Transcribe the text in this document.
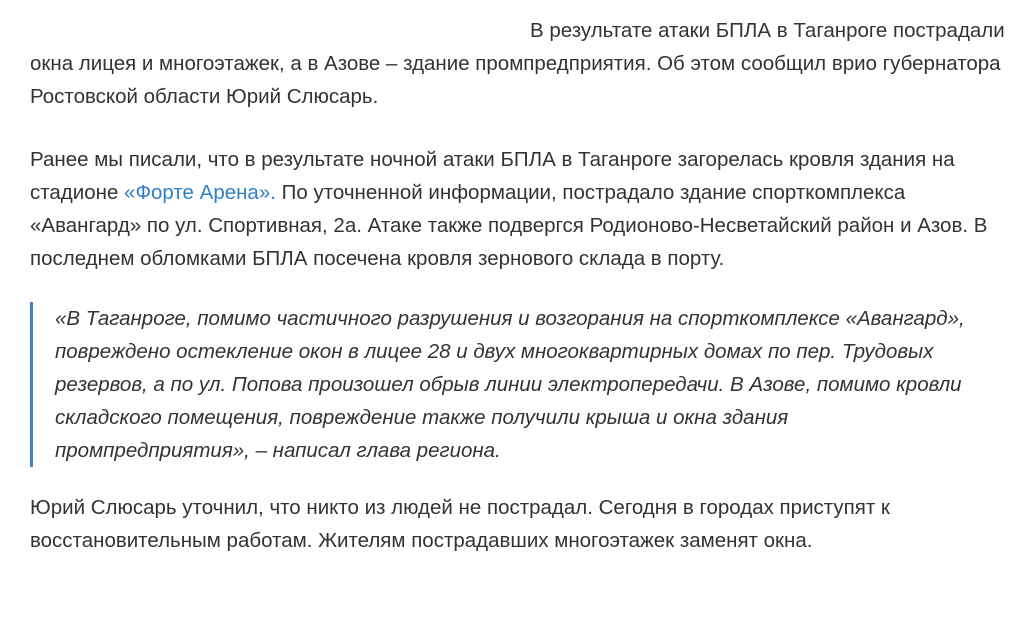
В результате атаки БПЛА в Таганроге пострадали окна лицея и многоэтажек, а в Азове – здание промпредприятия. Об этом сообщил врио губернатора Ростовской области Юрий Слюсарь.

Ранее мы писали, что в результате ночной атаки БПЛА в Таганроге загорелась кровля здания на стадионе «Форте Арена». По уточненной информации, пострадало здание спорткомплекса «Авангард» по ул. Спортивная, 2а. Атаке также подвергся Родионово-Несветайский район и Азов. В последнем обломками БПЛА посечена кровля зернового склада в порту.

«В Таганроге, помимо частичного разрушения и возгорания на спорткомплексе «Авангард», повреждено остекление окон в лицее 28 и двух многоквартирных домах по пер. Трудовых резервов, а по ул. Попова произошел обрыв линии электропередачи. В Азове, помимо кровли складского помещения, повреждение также получили крыша и окна здания промпредприятия», – написал глава региона.

Юрий Слюсарь уточнил, что никто из людей не пострадал. Сегодня в городах приступят к восстановительным работам. Жителям пострадавших многоэтажек заменят окна.
